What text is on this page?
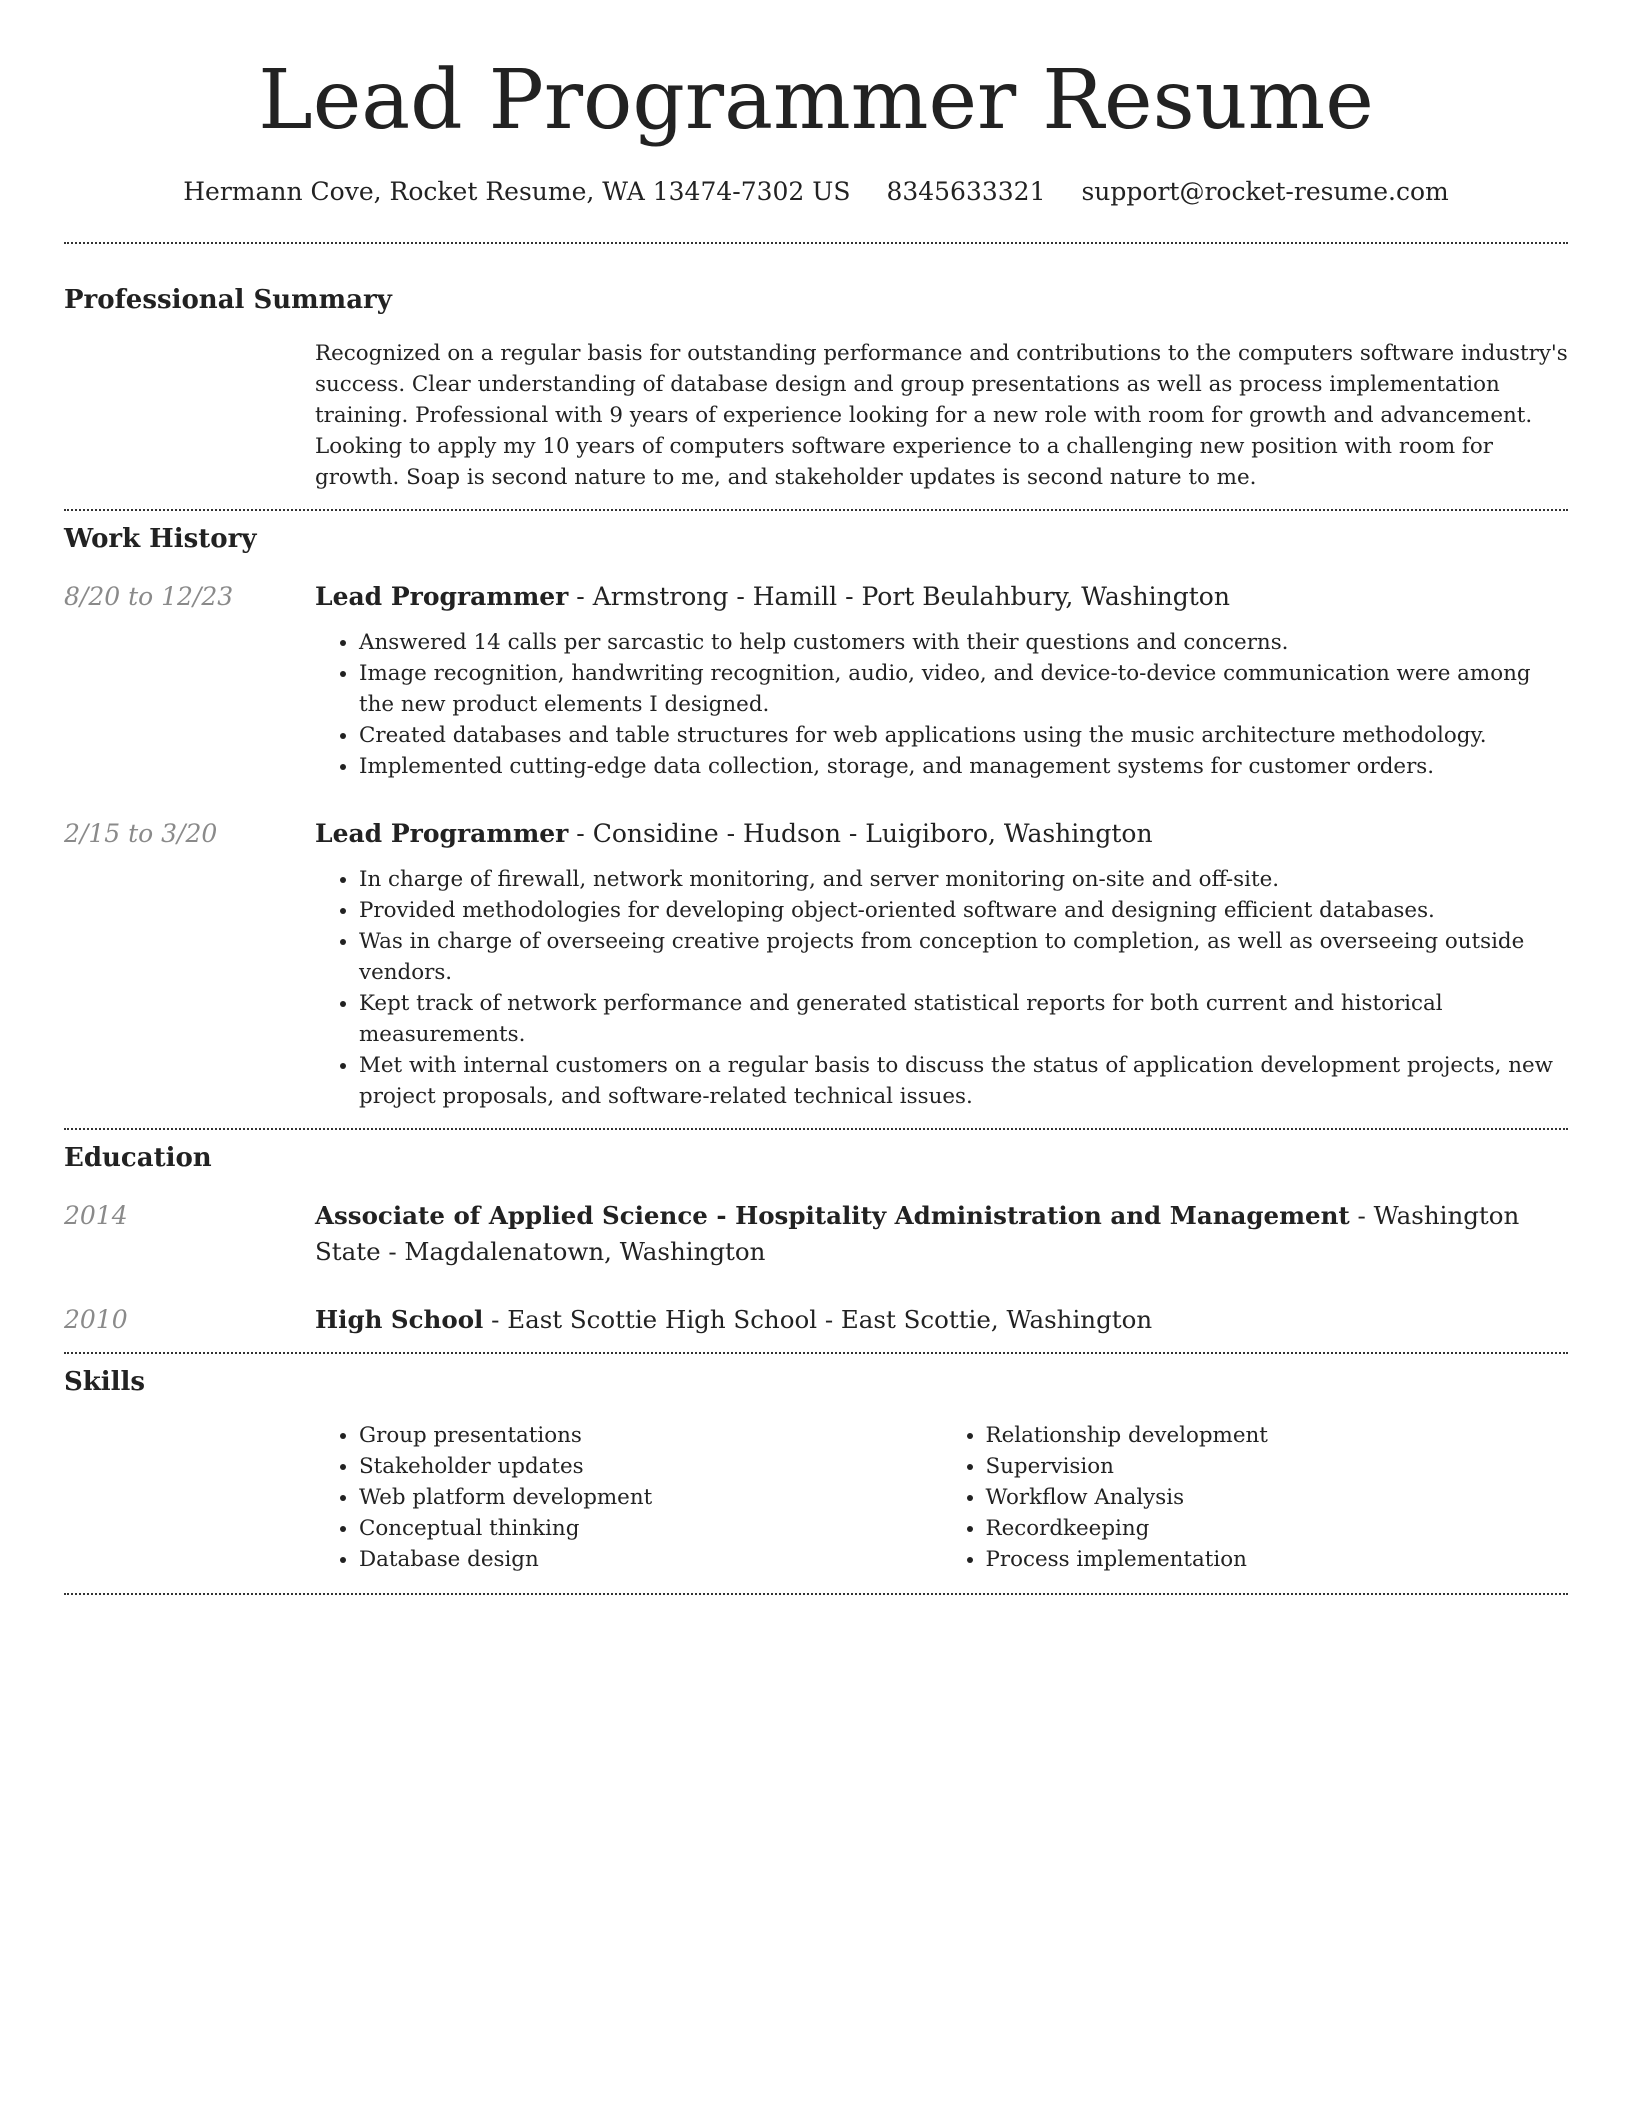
Lead Programmer Resume
Hermann Cove, Rocket Resume, WA 13474-7302 US 8345633321 support@rocket-resume.com
Professional Summary

Recognized on a regular basis for outstanding performance and contributions to the computers software industry's success. Clear understanding of database design and group presentations as well as process implementation training. Professional with 9 years of experience looking for a new role with room for growth and advancement. Looking to apply my 10 years of computers software experience to a challenging new position with room for growth. Soap is second nature to me, and stakeholder updates is second nature to me.

Work History
8/20 to 12/23	Lead Programmer - Armstrong - Hamill - Port Beulahbury, Washington

• Answered 14 calls per sarcastic to help customers with their questions and concerns.
• Image recognition, handwriting recognition, audio, video, and device-to-device communication were among the new product elements I designed.
• Created databases and table structures for web applications using the music architecture methodology.
• Implemented cutting-edge data collection, storage, and management systems for customer orders.
2/15 to 3/20	Lead Programmer - Considine - Hudson - Luigiboro, Washington

• In charge of firewall, network monitoring, and server monitoring on-site and off-site.
• Provided methodologies for developing object-oriented software and designing efficient databases.
• Was in charge of overseeing creative projects from conception to completion, as well as overseeing outside vendors.
• Kept track of network performance and generated statistical reports for both current and historical measurements.
• Met with internal customers on a regular basis to discuss the status of application development projects, new project proposals, and software-related technical issues.
Education
2014	Associate of Applied Science - Hospitality Administration and Management - Washington State - Magdalenatown, Washington

2010	High School - East Scottie High School - East Scottie, Washington

Skills
• Group presentations
• Stakeholder updates
• Web platform development
• Conceptual thinking
• Database design
• Relationship development
• Supervision
• Workflow Analysis
• Recordkeeping
• Process implementation
